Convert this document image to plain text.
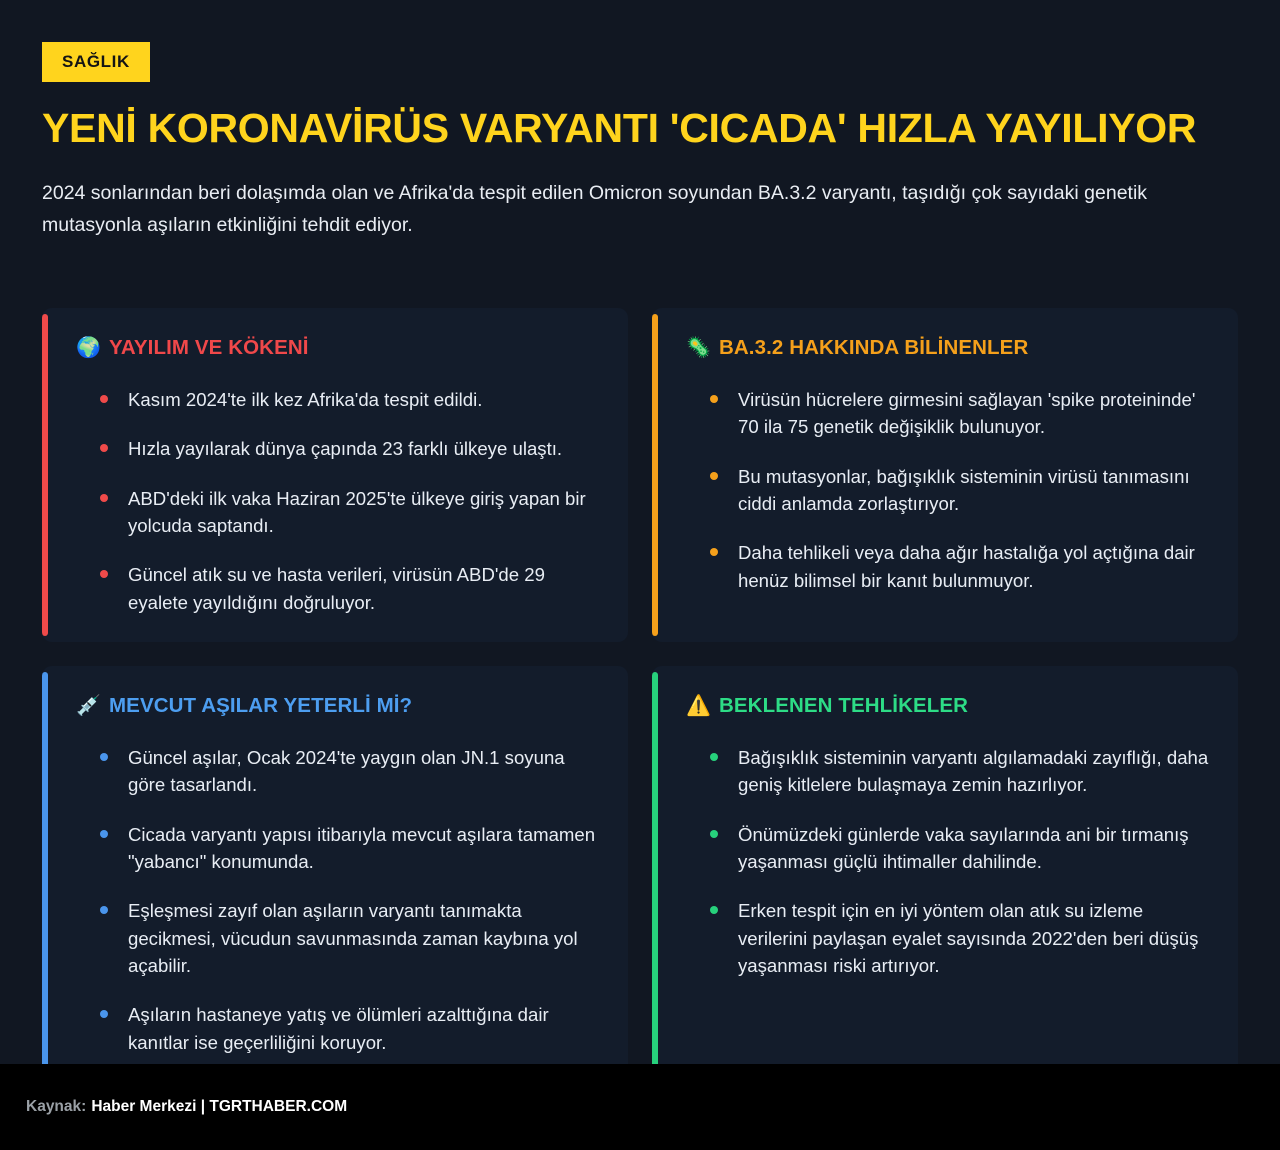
SAĞLIK
YENİ KORONAVİRÜS VARYANTI 'CICADA' HIZLA YAYILIYOR

2024 sonlarından beri dolaşımda olan ve Afrika'da tespit edilen Omicron soyundan BA.3.2 varyantı, taşıdığı çok sayıdaki genetik mutasyonla aşıların etkinliğini tehdit ediyor.

🌍 YAYILIM VE KÖKENİ
Kasım 2024'te ilk kez Afrika'da tespit edildi.
Hızla yayılarak dünya çapında 23 farklı ülkeye ulaştı.
ABD'deki ilk vaka Haziran 2025'te ülkeye giriş yapan bir yolcuda saptandı.
Güncel atık su ve hasta verileri, virüsün ABD'de 29 eyalete yayıldığını doğruluyor.
🦠 BA.3.2 HAKKINDA BİLİNENLER
Virüsün hücrelere girmesini sağlayan 'spike proteininde' 70 ila 75 genetik değişiklik bulunuyor.
Bu mutasyonlar, bağışıklık sisteminin virüsü tanımasını ciddi anlamda zorlaştırıyor.
Daha tehlikeli veya daha ağır hastalığa yol açtığına dair henüz bilimsel bir kanıt bulunmuyor.
💉 MEVCUT AŞILAR YETERLİ Mİ?
Güncel aşılar, Ocak 2024'te yaygın olan JN.1 soyuna göre tasarlandı.
Cicada varyantı yapısı itibarıyla mevcut aşılara tamamen "yabancı" konumunda.
Eşleşmesi zayıf olan aşıların varyantı tanımakta gecikmesi, vücudun savunmasında zaman kaybına yol açabilir.
Aşıların hastaneye yatış ve ölümleri azalttığına dair kanıtlar ise geçerliliğini koruyor.
⚠️ BEKLENEN TEHLİKELER
Bağışıklık sisteminin varyantı algılamadaki zayıflığı, daha geniş kitlelere bulaşmaya zemin hazırlıyor.
Önümüzdeki günlerde vaka sayılarında ani bir tırmanış yaşanması güçlü ihtimaller dahilinde.
Erken tespit için en iyi yöntem olan atık su izleme verilerini paylaşan eyalet sayısında 2022'den beri düşüş yaşanması riski artırıyor.
Kaynak: Haber Merkezi | TGRTHABER.COM
